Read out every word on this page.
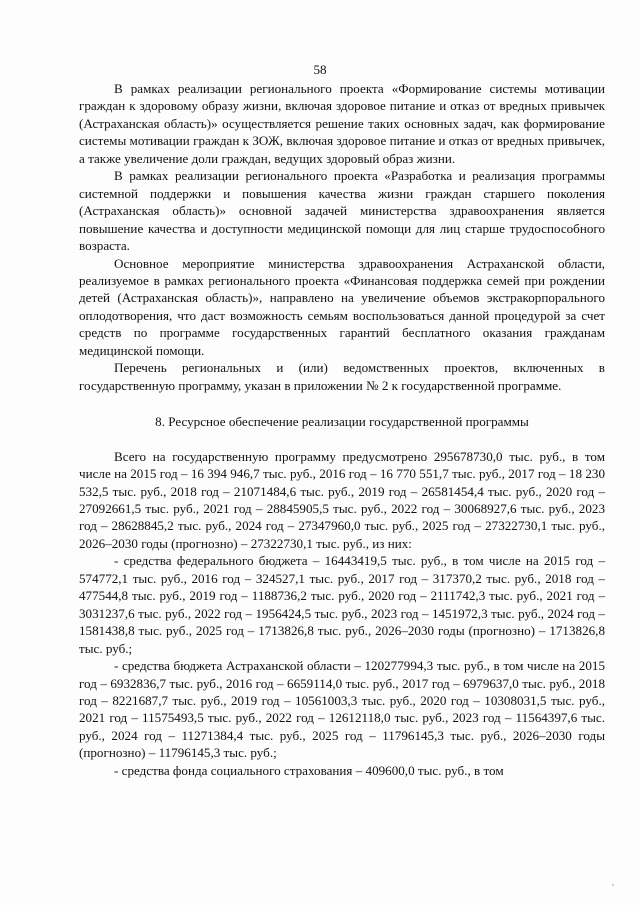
58

В рамках реализации регионального проекта «Формирование системы мотивации граждан к здоровому образу жизни, включая здоровое питание и отказ от вредных привычек (Астраханская область)» осуществляется решение таких основных задач, как формирование системы мотивации граждан к ЗОЖ, включая здоровое питание и отказ от вредных привычек, а также увеличение доли граждан, ведущих здоровый образ жизни.

В рамках реализации регионального проекта «Разработка и реализация программы системной поддержки и повышения качества жизни граждан старшего поколения (Астраханская область)» основной задачей министерства здравоохранения является повышение качества и доступности медицинской помощи для лиц старше трудоспособного возраста.

Основное мероприятие министерства здравоохранения Астраханской области, реализуемое в рамках регионального проекта «Финансовая поддержка семей при рождении детей (Астраханская область)», направлено на увеличение объемов экстракорпорального оплодотворения, что даст возможность семьям воспользоваться данной процедурой за счет средств по программе государственных гарантий бесплатного оказания гражданам медицинской помощи.

Перечень региональных и (или) ведомственных проектов, включенных в государственную программу, указан в приложении № 2 к государственной программе.

8. Ресурсное обеспечение реализации государственной программы

Всего на государственную программу предусмотрено 295678730,0 тыс. руб., в том числе на 2015 год – 16 394 946,7 тыс. руб., 2016 год – 16 770 551,7 тыс. руб., 2017 год – 18 230 532,5 тыс. руб., 2018 год – 21071484,6 тыс. руб., 2019 год – 26581454,4 тыс. руб., 2020 год – 27092661,5 тыс. руб., 2021 год – 28845905,5 тыс. руб., 2022 год – 30068927,6 тыс. руб., 2023 год – 28628845,2 тыс. руб., 2024 год – 27347960,0 тыс. руб., 2025 год – 27322730,1 тыс. руб., 2026–2030 годы (прогнозно) – 27322730,1 тыс. руб., из них:

- средства федерального бюджета – 16443419,5 тыс. руб., в том числе на 2015 год – 574772,1 тыс. руб., 2016 год – 324527,1 тыс. руб., 2017 год – 317370,2 тыс. руб., 2018 год – 477544,8 тыс. руб., 2019 год – 1188736,2 тыс. руб., 2020 год – 2111742,3 тыс. руб., 2021 год – 3031237,6 тыс. руб., 2022 год – 1956424,5 тыс. руб., 2023 год – 1451972,3 тыс. руб., 2024 год – 1581438,8 тыс. руб., 2025 год – 1713826,8 тыс. руб., 2026–2030 годы (прогнозно) – 1713826,8 тыс. руб.;

- средства бюджета Астраханской области – 120277994,3 тыс. руб., в том числе на 2015 год – 6932836,7 тыс. руб., 2016 год – 6659114,0 тыс. руб., 2017 год – 6979637,0 тыс. руб., 2018 год – 8221687,7 тыс. руб., 2019 год – 10561003,3 тыс. руб., 2020 год – 10308031,5 тыс. руб., 2021 год – 11575493,5 тыс. руб., 2022 год – 12612118,0 тыс. руб., 2023 год – 11564397,6 тыс. руб., 2024 год – 11271384,4 тыс. руб., 2025 год – 11796145,3 тыс. руб., 2026–2030 годы (прогнозно) – 11796145,3 тыс. руб.;

- средства фонда социального страхования – 409600,0 тыс. руб., в том
